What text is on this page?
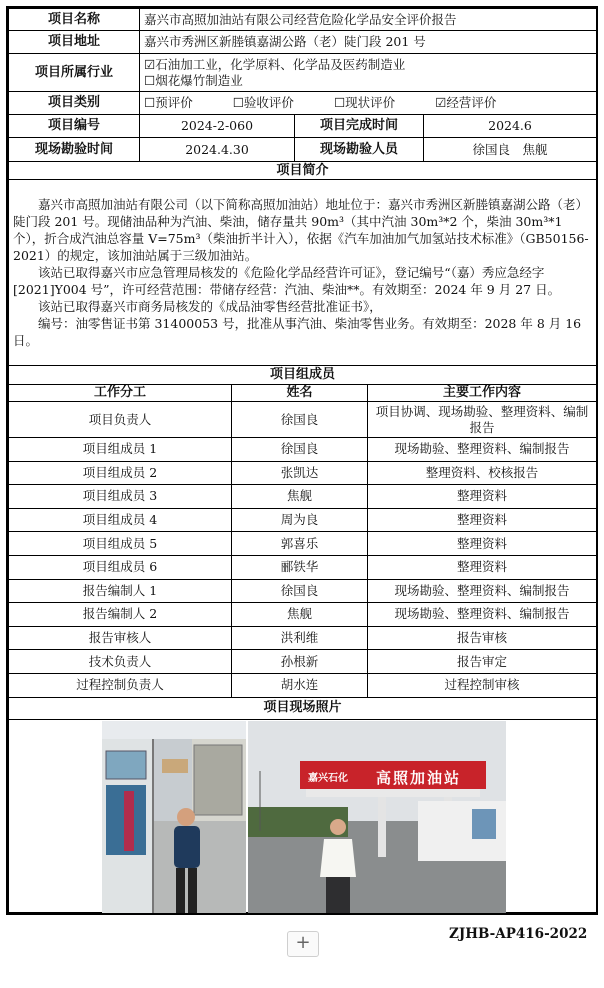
项目名称	嘉兴市高照加油站有限公司经营危险化学品安全评价报告		
项目地址	嘉兴市秀洲区新塍镇嘉湖公路（老）陡门段 201 号		
项目所属行业	☑石油加工业，化学原料、化学品及医药制造业
☐烟花爆竹制造业		

项目类别	☐预评价 ☐验收评价 ☐现状评价 ☑经营评价		
项目编号	2024-2-060	项目完成时间	2024.6
现场勘验时间	2024.4.30	现场勘验人员	徐国良　焦舰
项目简介			

嘉兴市高照加油站有限公司（以下简称高照加油站）地址位于：嘉兴市秀洲区新塍镇嘉湖公路（老）陡门段 201 号。现储油品种为汽油、柴油，储存量共 90m³（其中汽油 30m³*2 个，柴油 30m³*1 个），折合成汽油总容量 V=75m³（柴油折半计入），依据《汽车加油加气加氢站技术标准》（GB50156-2021）的规定，该加油站属于三级加油站。

该站已取得嘉兴市应急管理局核发的《危险化学品经营许可证》，登记编号“（嘉）秀应急经字[2021]Y004 号”，许可经营范围：带储存经营：汽油、柴油**。有效期至：2024 年 9 月 27 日。

该站已取得嘉兴市商务局核发的《成品油零售经营批准证书》，

编号：油零售证书第 31400053 号，批准从事汽油、柴油零售业务。有效期至：2028 年 8 月 16 日。			

项目组成员		
工作分工	姓名	主要工作内容
项目负责人	徐国良	项目协调、现场勘验、整理资料、编制报告
项目组成员 1	徐国良	现场勘验、整理资料、编制报告
项目组成员 2	张凯达	整理资料、校核报告
项目组成员 3	焦舰	整理资料
项目组成员 4	周为良	整理资料
项目组成员 5	郭喜乐	整理资料
项目组成员 6	郦铁华	整理资料
报告编制人 1	徐国良	现场勘验、整理资料、编制报告
报告编制人 2	焦舰	现场勘验、整理资料、编制报告
报告审核人	洪利维	报告审核
技术负责人	孙根新	报告审定
过程控制负责人	胡水连	过程控制审核
项目现场照片		

嘉兴石化 高照加油站		
ZJHB-AP416-2022
+
